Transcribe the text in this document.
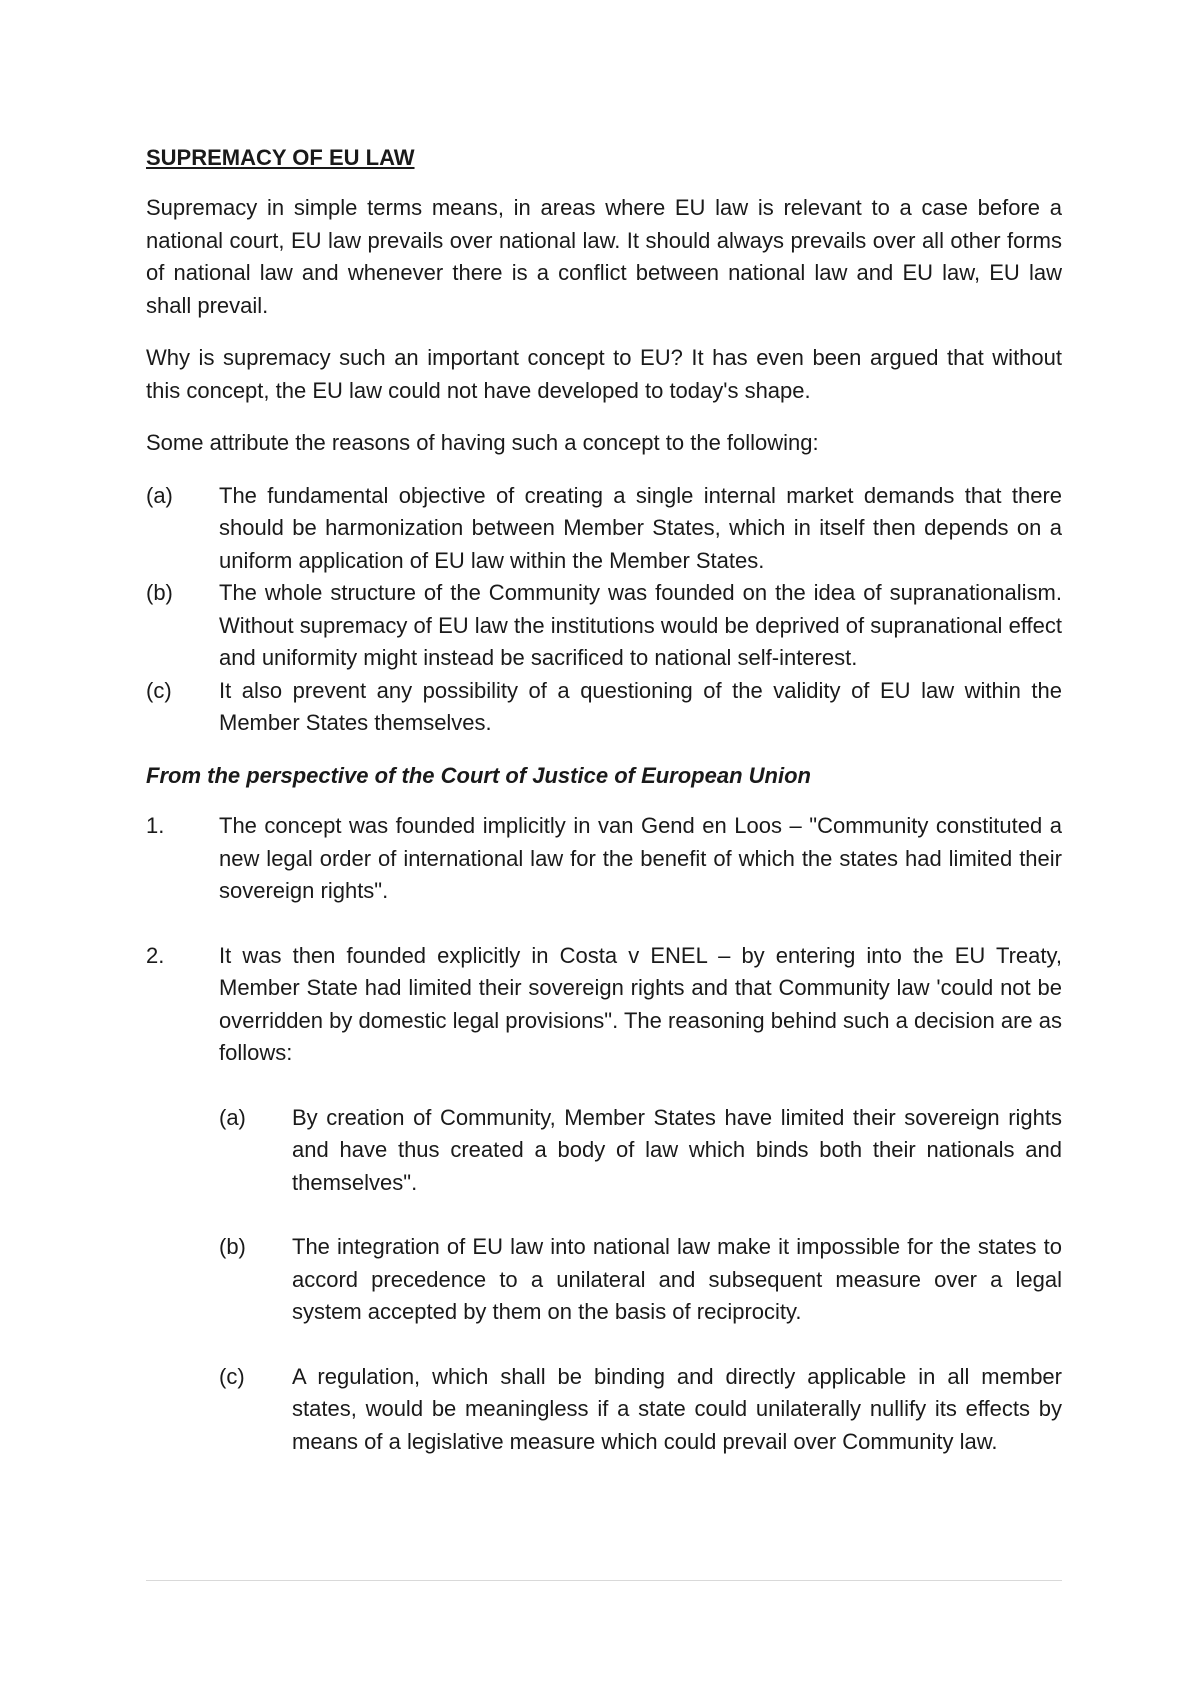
SUPREMACY OF EU LAW

Supremacy in simple terms means, in areas where EU law is relevant to a case before a national court, EU law prevails over national law. It should always prevails over all other forms of national law and whenever there is a conflict between national law and EU law, EU law shall prevail.

Why is supremacy such an important concept to EU? It has even been argued that without this concept, the EU law could not have developed to today's shape.

Some attribute the reasons of having such a concept to the following:

(a)	The fundamental objective of creating a single internal market demands that there should be harmonization between Member States, which in itself then depends on a uniform application of EU law within the Member States.
(b)	The whole structure of the Community was founded on the idea of supranationalism. Without supremacy of EU law the institutions would be deprived of supranational effect and uniformity might instead be sacrificed to national self-interest.
(c)	It also prevent any possibility of a questioning of the validity of EU law within the Member States themselves.
From the perspective of the Court of Justice of European Union
1.	The concept was founded implicitly in van Gend en Loos – "Community constituted a new legal order of international law for the benefit of which the states had limited their sovereign rights".
2.	It was then founded explicitly in Costa v ENEL – by entering into the EU Treaty, Member State had limited their sovereign rights and that Community law 'could not be overridden by domestic legal provisions". The reasoning behind such a decision are as follows:
(a)	By creation of Community, Member States have limited their sovereign rights and have thus created a body of law which binds both their nationals and themselves".
(b)	The integration of EU law into national law make it impossible for the states to accord precedence to a unilateral and subsequent measure over a legal system accepted by them on the basis of reciprocity.
(c)	A regulation, which shall be binding and directly applicable in all member states, would be meaningless if a state could unilaterally nullify its effects by means of a legislative measure which could prevail over Community law.
